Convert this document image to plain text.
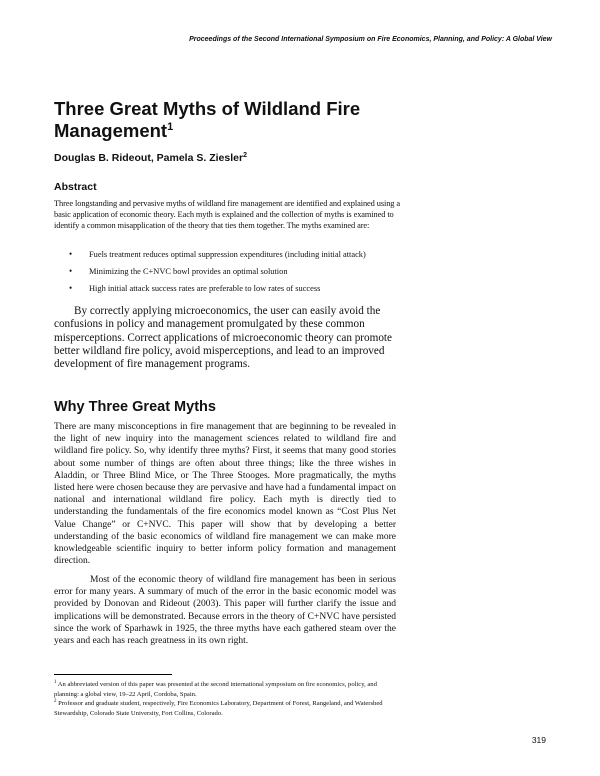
Proceedings of the Second International Symposium on Fire Economics, Planning, and Policy: A Global View
Three Great Myths of Wildland Fire Management$^1$
Douglas B. Rideout, Pamela S. Ziesler$^2$
Abstract
Three longstanding and pervasive myths of wildland fire management are identified and explained using a basic application of economic theory. Each myth is explained and the collection of myths is examined to identify a common misapplication of the theory that ties them together. The myths examined are:
• Fuels treatment reduces optimal suppression expenditures (including initial attack)
• Minimizing the C+NVC bowl provides an optimal solution
• High initial attack success rates are preferable to low rates of success

By correctly applying microeconomics, the user can easily avoid the confusions in policy and management promulgated by these common misperceptions. Correct applications of microeconomic theory can promote better wildland fire policy, avoid misperceptions, and lead to an improved development of fire management programs.

Why Three Great Myths

There are many misconceptions in fire management that are beginning to be revealed in the light of new inquiry into the management sciences related to wildland fire and wildland fire policy. So, why identify three myths? First, it seems that many good stories about some number of things are often about three things; like the three wishes in Aladdin, or Three Blind Mice, or The Three Stooges. More pragmatically, the myths listed here were chosen because they are pervasive and have had a fundamental impact on national and international wildland fire policy. Each myth is directly tied to understanding the fundamentals of the fire economics model known as “Cost Plus Net Value Change” or C+NVC. This paper will show that by developing a better understanding of the basic economics of wildland fire management we can make more knowledgeable scientific inquiry to better inform policy formation and management direction.

Most of the economic theory of wildland fire management has been in serious error for many years. A summary of much of the error in the basic economic model was provided by Donovan and Rideout (2003). This paper will further clarify the issue and implications will be demonstrated. Because errors in the theory of C+NVC have persisted since the work of Sparhawk in 1925, the three myths have each gathered steam over the years and each has reach greatness in its own right.

$^1$ An abbreviated version of this paper was presented at the second international symposium on fire economics, policy, and planning: a global view, 19–22 April, Cordoba, Spain.

$^2$ Professor and graduate student, respectively, Fire Economics Laboratory, Department of Forest, Rangeland, and Watershed Stewardship, Colorado State University, Fort Collins, Colorado.

319
